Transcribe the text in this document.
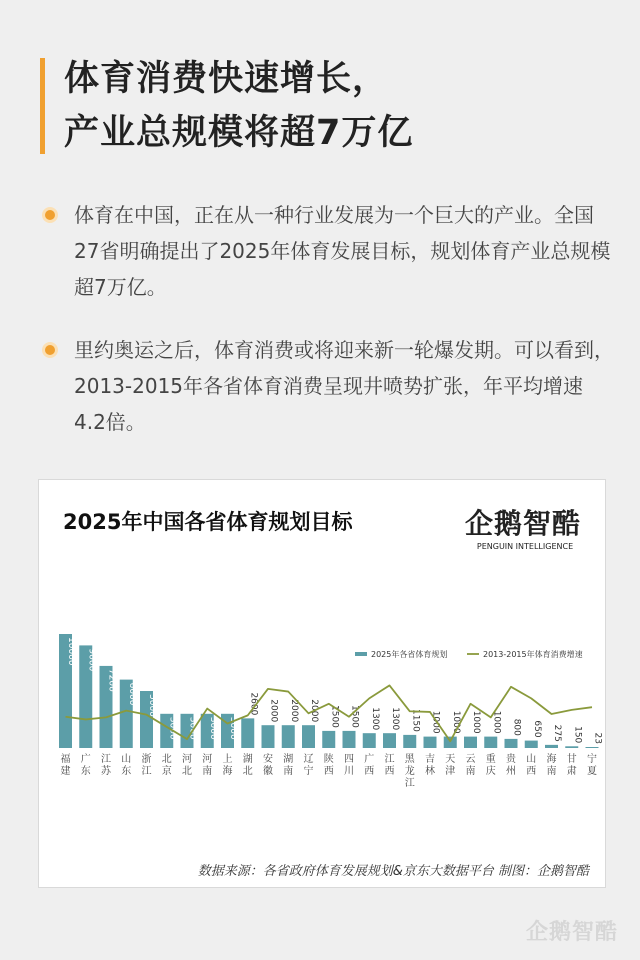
体育消费快速增长，
产业总规模将超7万亿
体育在中国，正在从一种行业发展为一个巨大的产业。全国27省明确提出了2025年体育发展目标，规划体育产业总规模超7万亿。
里约奥运之后，体育消费或将迎来新一轮爆发期。可以看到，2013-2015年各省体育消费呈现井喷势扩张，年平均增速4.2倍。
2025年中国各省体育规划目标	企鹅智酷
PENGUIN INTELLIGENCE
10000
福
建
9000
广
东
7200
江
苏
6000
山
东
5000
浙
江
3000
北
京
3000
河
北
3000
河
南
3000
上
海
2600
湖
北
2000
安
徽
2000
湖
南
2000
辽
宁
1500
陕
西
1500
四
川
1300
广
西
1300
江
西
1150
黑
龙
江
1000
吉
林
1000
天
津
1000
云
南
1000
重
庆
800
贵
州
650
山
西
275
海
南
150
甘
肃
23
宁
夏
2025年各省体育规划	2013-2015年体育消费增速
数据来源：各省政府体育发展规划&京东大数据平台 制图：企鹅智酷
企鹅智酷
